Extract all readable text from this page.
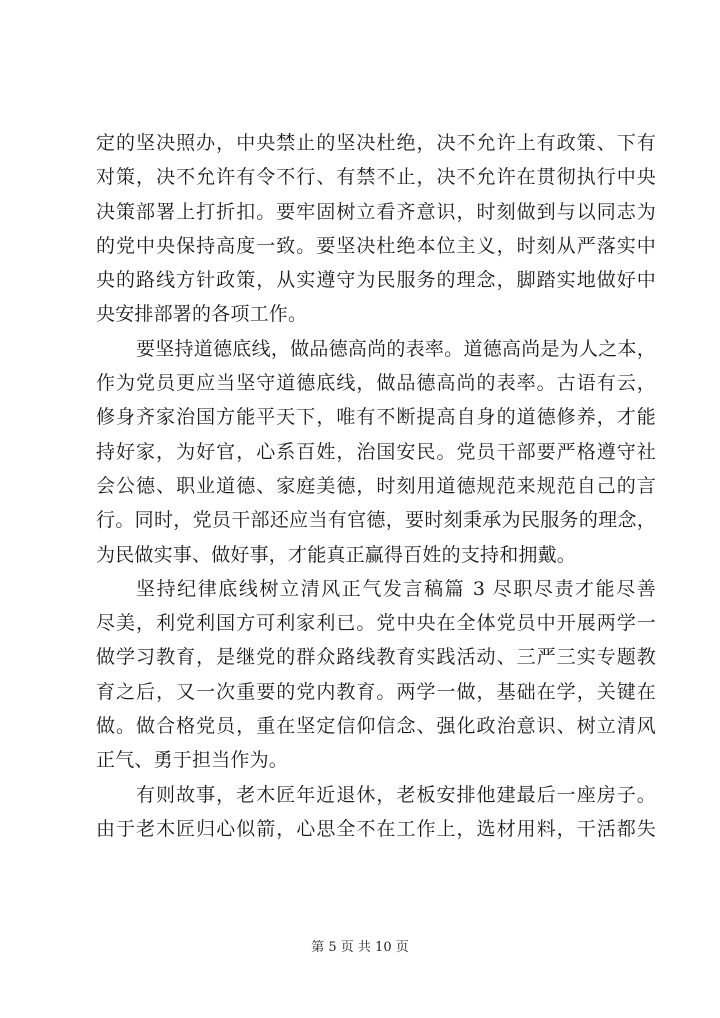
定的坚决照办，中央禁止的坚决杜绝，决不允许上有政策、下有
对策，决不允许有令不行、有禁不止，决不允许在贯彻执行中央
决策部署上打折扣。要牢固树立看齐意识，时刻做到与以同志为
的党中央保持高度一致。要坚决杜绝本位主义，时刻从严落实中
央的路线方针政策，从实遵守为民服务的理念，脚踏实地做好中
央安排部署的各项工作。
要坚持道德底线，做品德高尚的表率。道德高尚是为人之本，
作为党员更应当坚守道德底线，做品德高尚的表率。古语有云，
修身齐家治国方能平天下，唯有不断提高自身的道德修养，才能
持好家，为好官，心系百姓，治国安民。党员干部要严格遵守社
会公德、职业道德、家庭美德，时刻用道德规范来规范自己的言
行。同时，党员干部还应当有官德，要时刻秉承为民服务的理念，
为民做实事、做好事，才能真正赢得百姓的支持和拥戴。
坚持纪律底线树立清风正气发言稿篇 3 尽职尽责才能尽善
尽美，利党利国方可利家利已。党中央在全体党员中开展两学一
做学习教育，是继党的群众路线教育实践活动、三严三实专题教
育之后，又一次重要的党内教育。两学一做，基础在学，关键在
做。做合格党员，重在坚定信仰信念、强化政治意识、树立清风
正气、勇于担当作为。
有则故事，老木匠年近退休，老板安排他建最后一座房子。
由于老木匠归心似箭，心思全不在工作上，选材用料，干活都失
第 5 页 共 10 页
